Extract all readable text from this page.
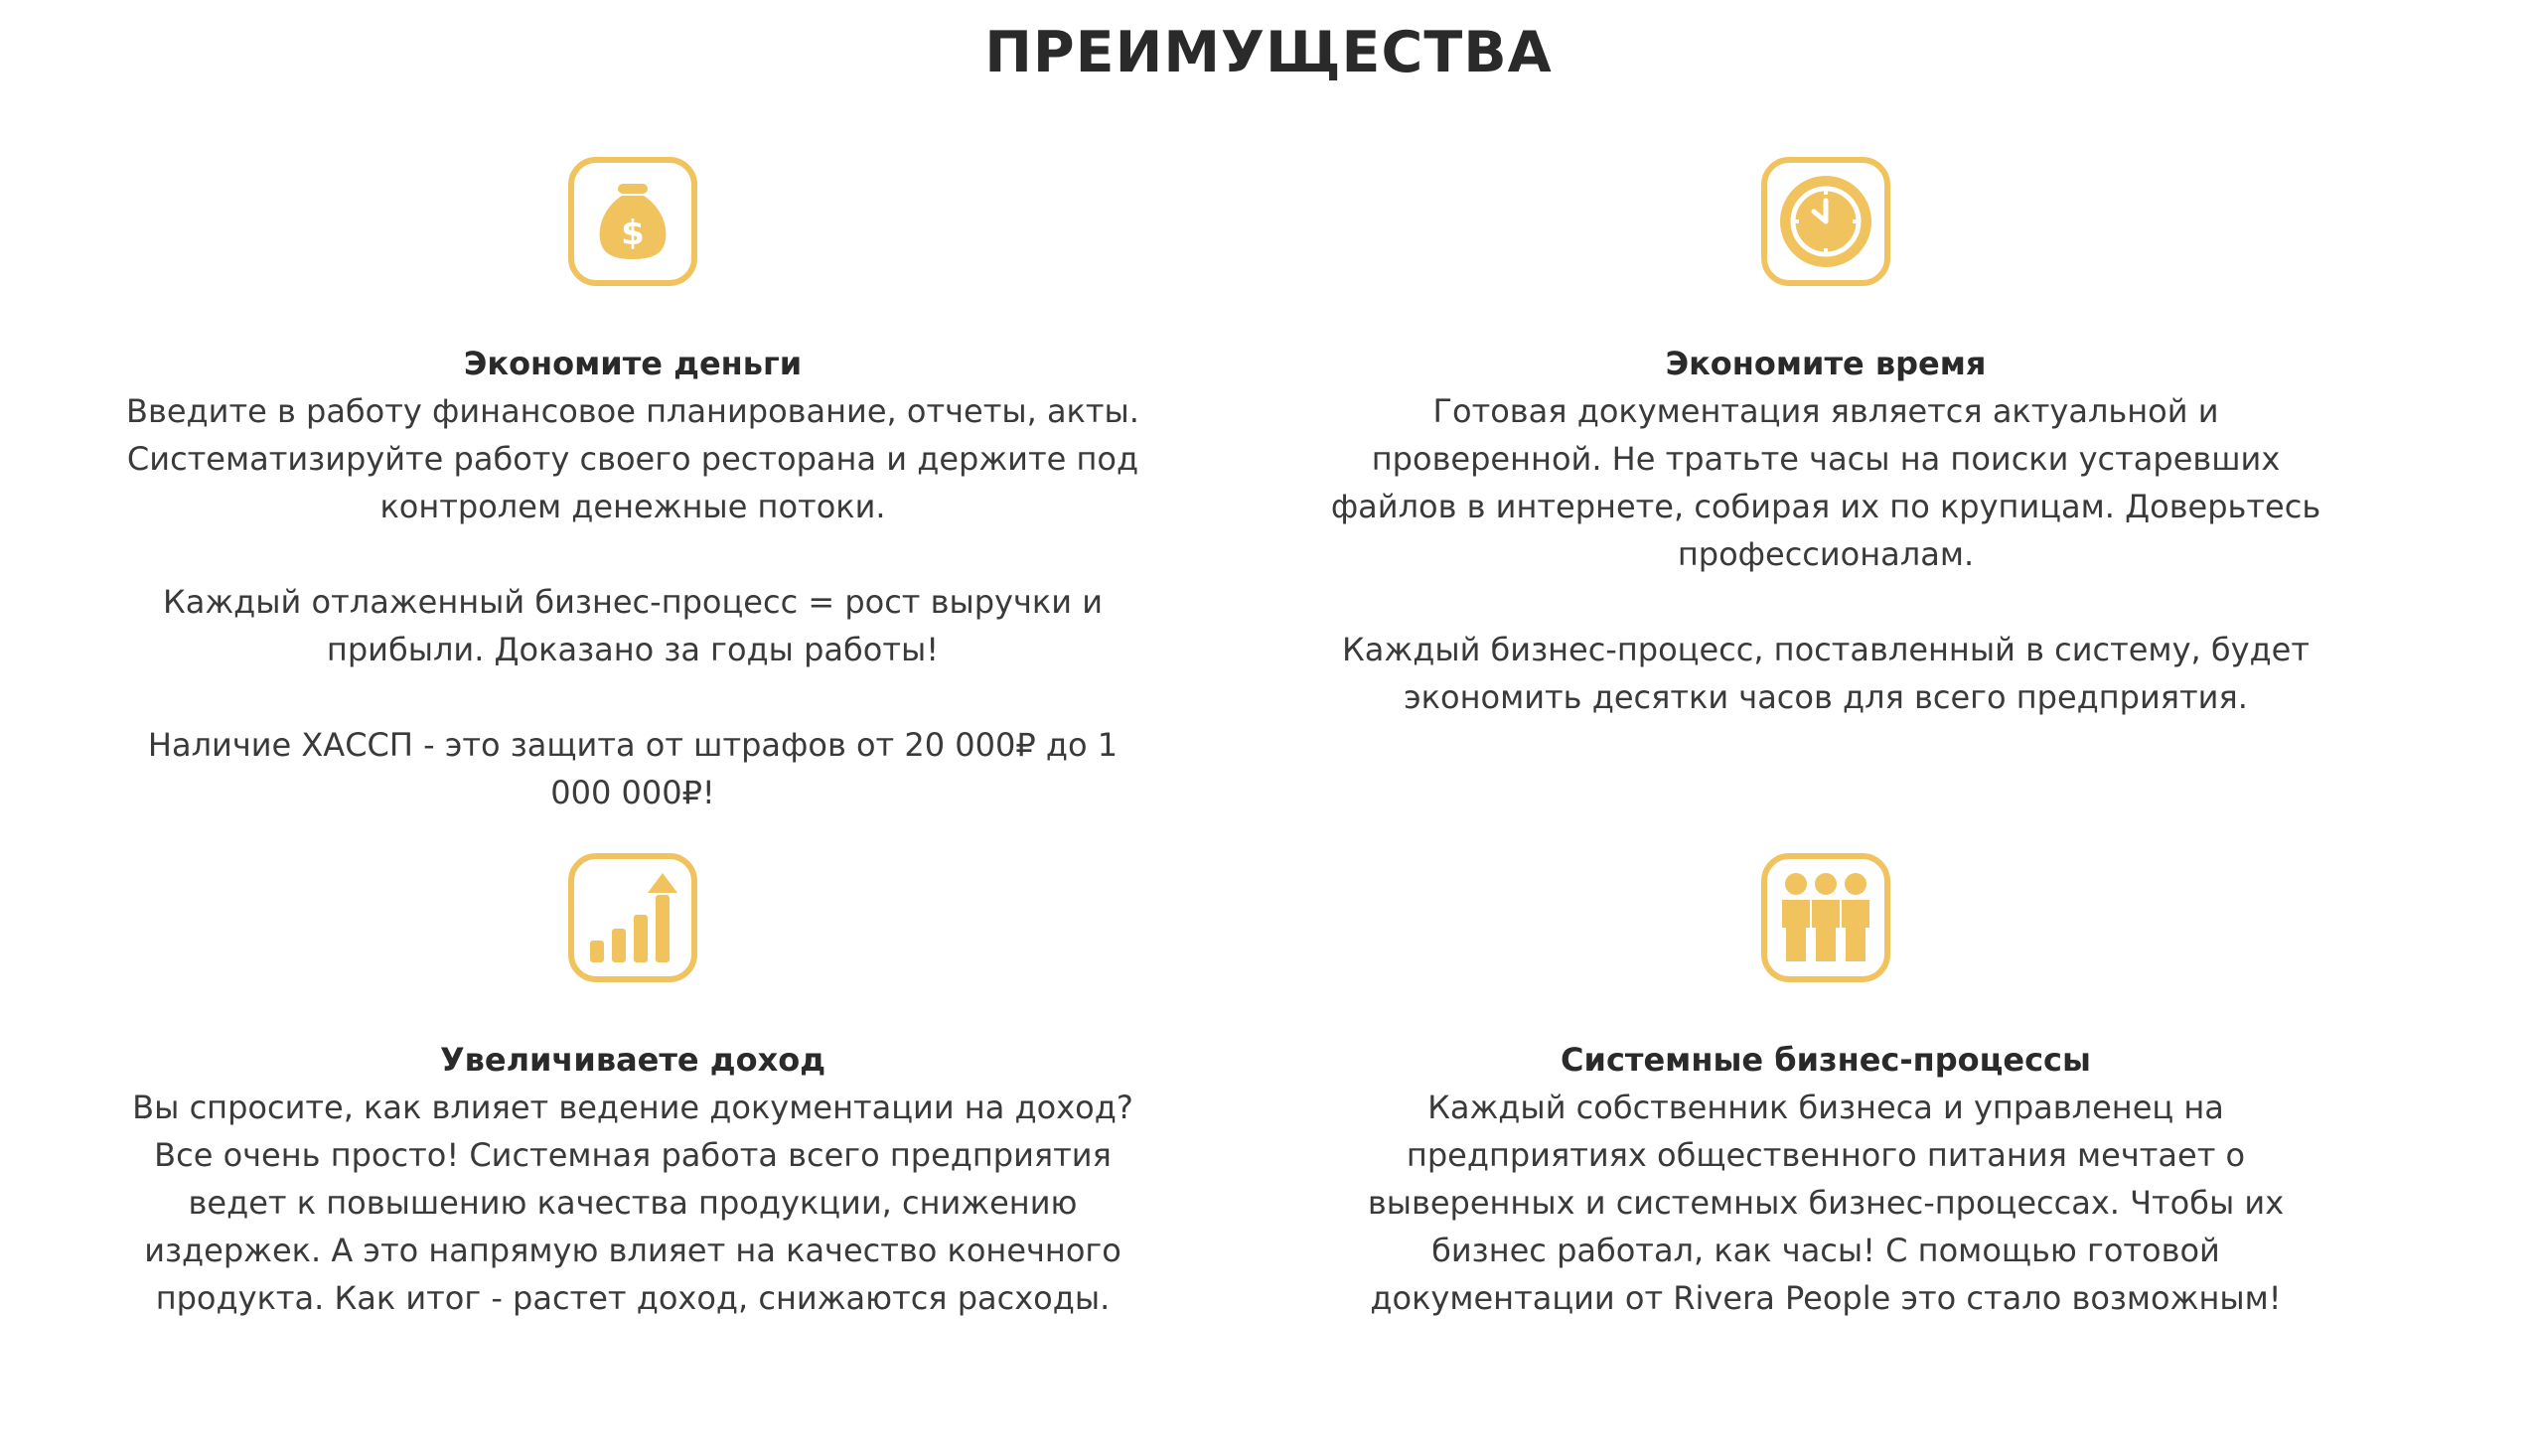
ПРЕИМУЩЕСТВА
$
Экономите деньги
Введите в работу финансовое планирование, отчеты, акты. Систематизируйте работу своего ресторана и держите под контролем денежные потоки.
Каждый отлаженный бизнес-процесс = рост выручки и прибыли. Доказано за годы работы!
Наличие ХАССП - это защита от штрафов от 20 000₽ до 1 000 000₽!
Экономите время
Готовая документация является актуальной и проверенной. Не тратьте часы на поиски устаревших файлов в интернете, собирая их по крупицам. Доверьтесь профессионалам.
Каждый бизнес-процесс, поставленный в систему, будет экономить десятки часов для всего предприятия.
Увеличиваете доход
Вы спросите, как влияет ведение документации на доход? Все очень просто! Системная работа всего предприятия ведет к повышению качества продукции, снижению издержек. А это напрямую влияет на качество конечного продукта. Как итог - растет доход, снижаются расходы.
Системные бизнес-процессы
Каждый собственник бизнеса и управленец на предприятиях общественного питания мечтает о выверенных и системных бизнес-процессах. Чтобы их бизнес работал, как часы! С помощью готовой документации от Rivera People это стало возможным!
